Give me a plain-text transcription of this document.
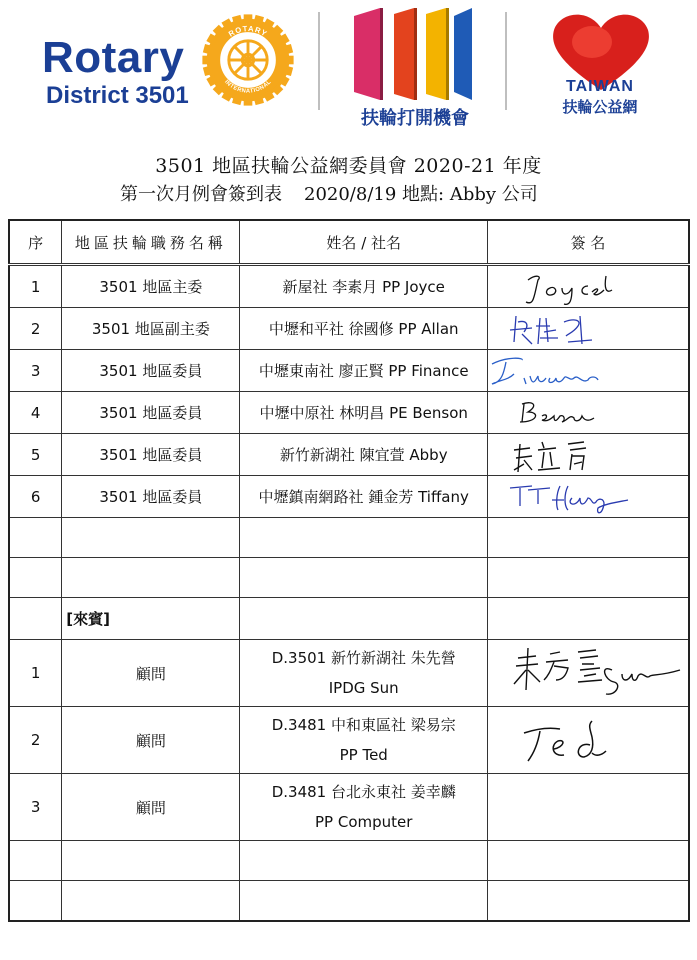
Rotary
District 3501
ROTARY
INTERNATIONAL
扶輪打開機會
TAIWAN
扶輪公益網
3501 地區扶輪公益網委員會 2020-21 年度
第一次月例會簽到表 2020/8/19 地點: Abby 公司
序	地區扶輪職務名稱	姓名 / 社名	簽 名
1	3501 地區主委	新屋社 李素月 PP Joyce	

2	3501 地區副主委	中壢和平社 徐國修 PP Allan	

3	3501 地區委員	中壢東南社 廖正賢 PP Finance	

4	3501 地區委員	中壢中原社 林明昌 PE Benson	

5	3501 地區委員	新竹新湖社 陳宜萱 Abby	

6	3501 地區委員	中壢鎮南網路社 鍾金芳 Tiffany	

	[來賓]		
1	顧問	D.3501 新竹新湖社 朱先營
IPDG Sun

2	顧問	D.3481 中和東區社 梁易宗
PP Ted

3	顧問	D.3481 台北永東社 姜幸麟
PP Computer	
